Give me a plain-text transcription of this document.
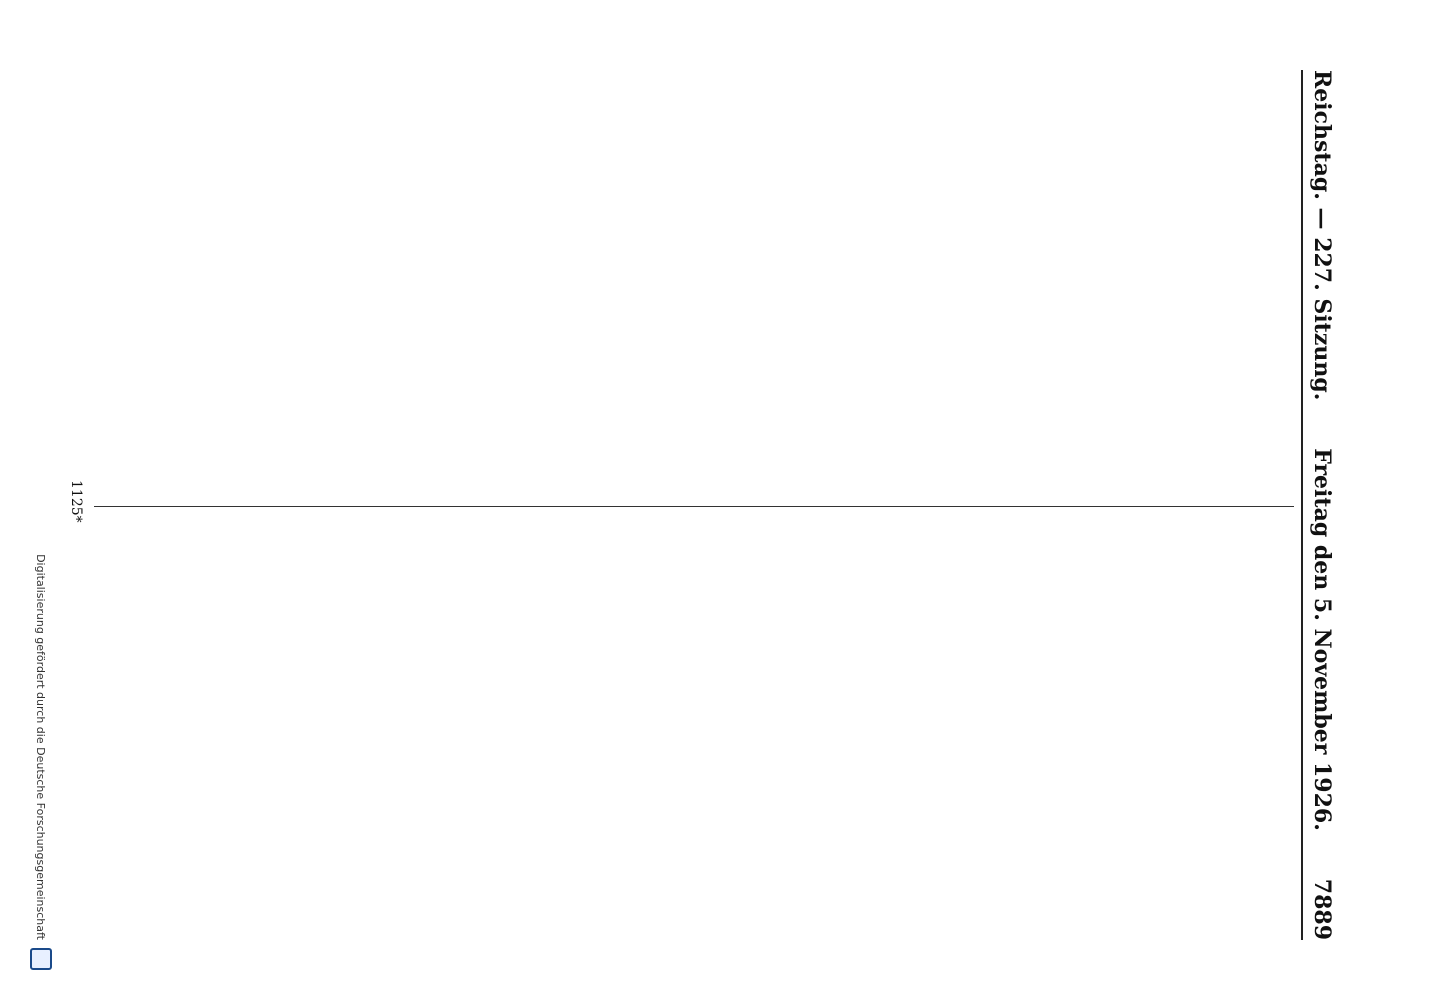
Reichstag. — 227. Sitzung.
Freitag den 5. November 1926.
7889
1125*
Digitalisierung gefördert durch die Deutsche Forschungsgemeinschaft
